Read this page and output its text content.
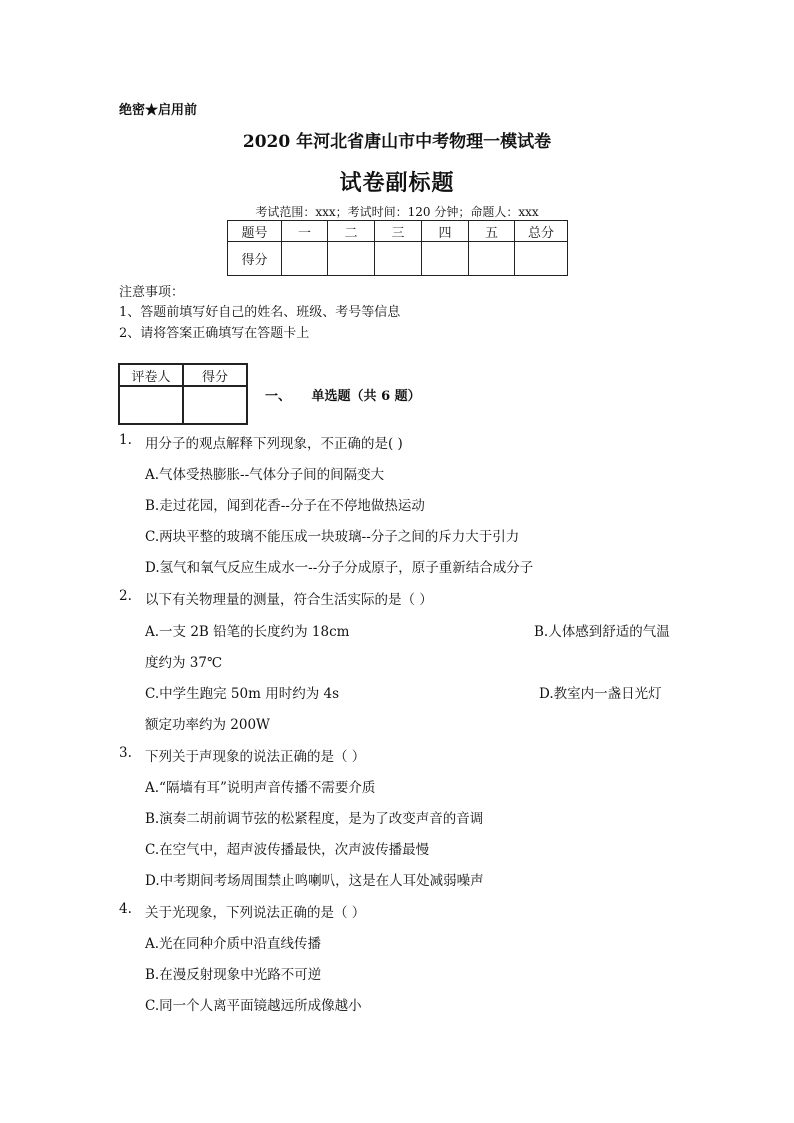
绝密★启用前
2020 年河北省唐山市中考物理一模试卷
试卷副标题
考试范围：xxx；考试时间：120 分钟；命题人：xxx
题号	一	二	三	四	五	总分
得分						
注意事项：
1、答题前填写好自己的姓名、班级、考号等信息
2、请将答案正确填写在答题卡上
评卷人	得分

一、 单选题（共 6 题）
1. 用分子的观点解释下列现象，不正确的是( )
A.气体受热膨胀--气体分子间的间隔变大
B.走过花园，闻到花香--分子在不停地做热运动
C.两块平整的玻璃不能压成一块玻璃--分子之间的斥力大于引力
D.氢气和氧气反应生成水一--分子分成原子，原子重新结合成分子
2. 以下有关物理量的测量，符合生活实际的是（ ）
A.一支 2B 铅笔的长度约为 18cm	B.人体感到舒适的气温
度约为 37℃
C.中学生跑完 50m 用时约为 4s	D.教室内一盏日光灯
额定功率约为 200W
3. 下列关于声现象的说法正确的是（ ）
A.“隔墙有耳”说明声音传播不需要介质
B.演奏二胡前调节弦的松紧程度，是为了改变声音的音调
C.在空气中，超声波传播最快，次声波传播最慢
D.中考期间考场周围禁止鸣喇叭，这是在人耳处减弱噪声
4. 关于光现象，下列说法正确的是（ ）
A.光在同种介质中沿直线传播
B.在漫反射现象中光路不可逆
C.同一个人离平面镜越远所成像越小
